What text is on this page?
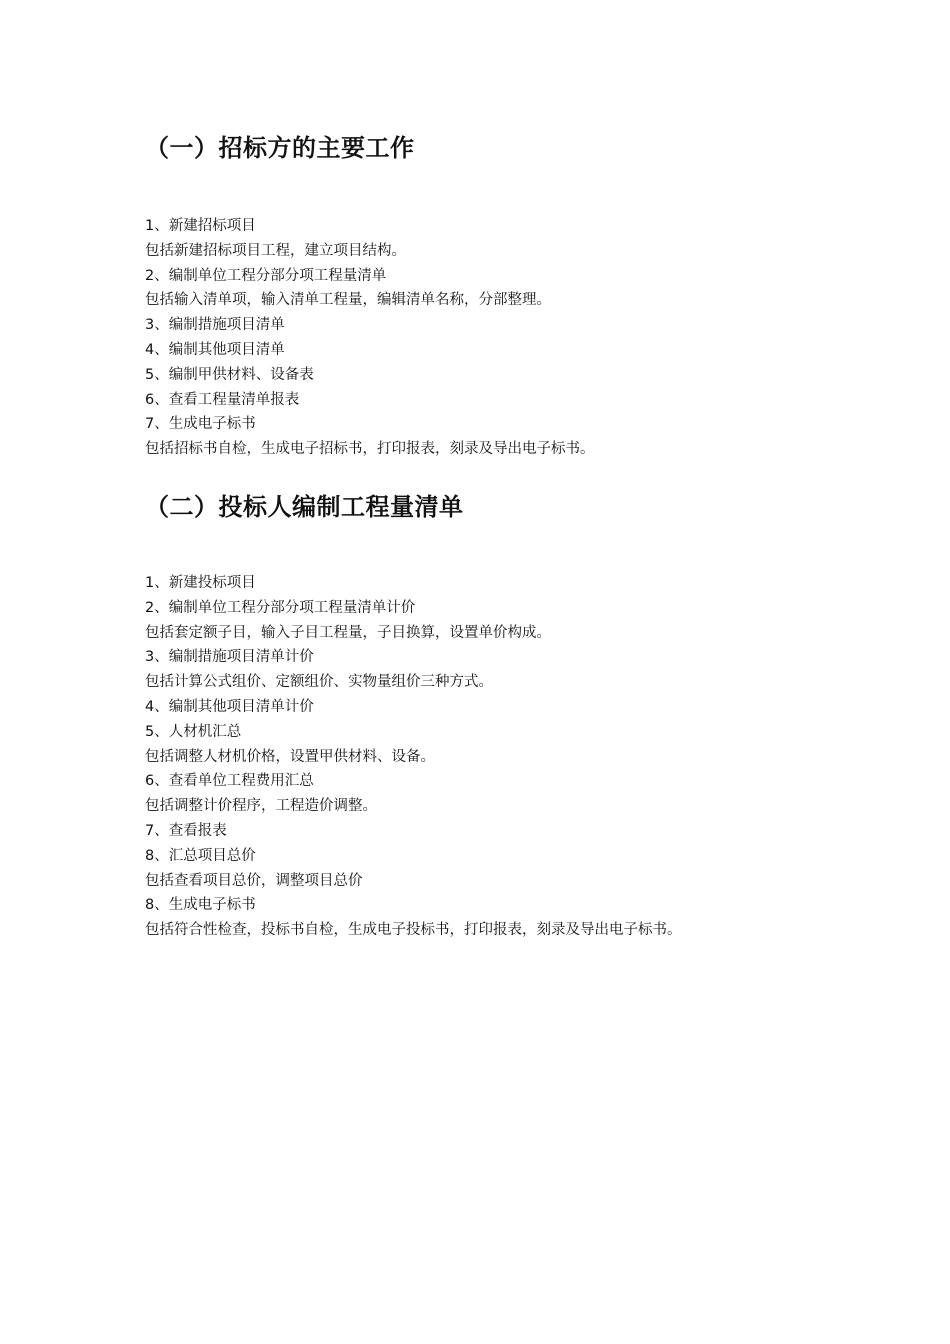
（一）招标方的主要工作
1、新建招标项目
包括新建招标项目工程，建立项目结构。
2、编制单位工程分部分项工程量清单
包括输入清单项，输入清单工程量，编辑清单名称，分部整理。
3、编制措施项目清单
4、编制其他项目清单
5、编制甲供材料、设备表
6、查看工程量清单报表
7、生成电子标书
包括招标书自检，生成电子招标书，打印报表，刻录及导出电子标书。
（二）投标人编制工程量清单
1、新建投标项目
2、编制单位工程分部分项工程量清单计价
包括套定额子目，输入子目工程量，子目换算，设置单价构成。
3、编制措施项目清单计价
包括计算公式组价、定额组价、实物量组价三种方式。
4、编制其他项目清单计价
5、人材机汇总
包括调整人材机价格，设置甲供材料、设备。
6、查看单位工程费用汇总
包括调整计价程序，工程造价调整。
7、查看报表
8、汇总项目总价
包括查看项目总价，调整项目总价
8、生成电子标书
包括符合性检查，投标书自检，生成电子投标书，打印报表，刻录及导出电子标书。
